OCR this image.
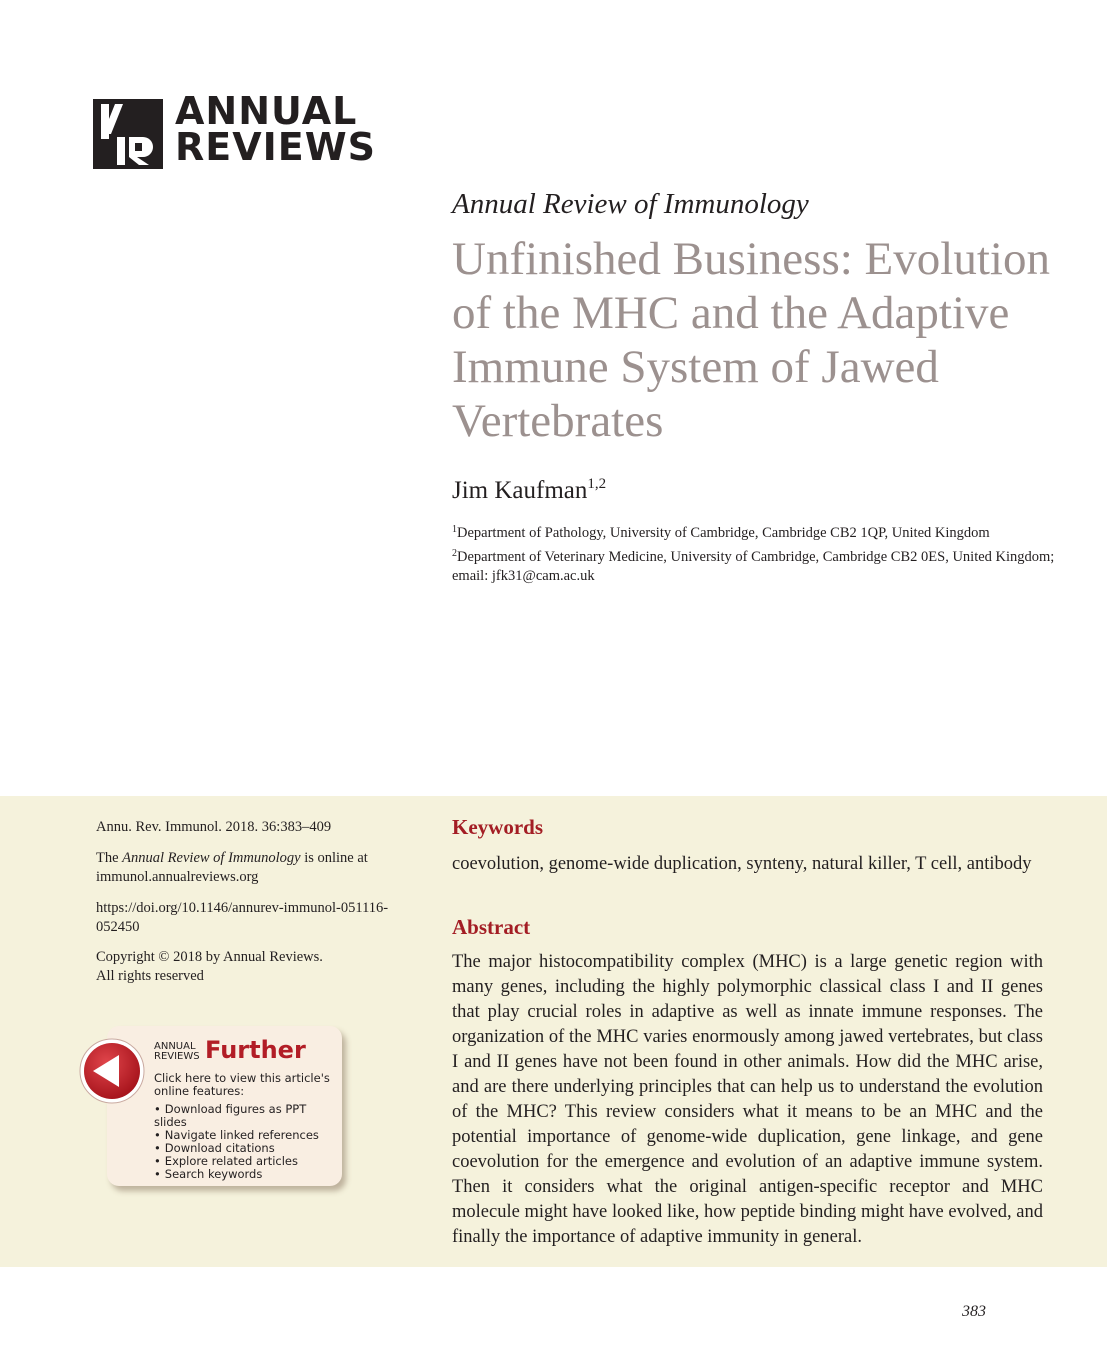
ANNUAL
REVIEWS
Annual Review of Immunology
Unfinished Business: Evolution
of the MHC and the Adaptive
Immune System of Jawed
Vertebrates
Jim Kaufman$^{1,2}$
$^1$Department of Pathology, University of Cambridge, Cambridge CB2 1QP, United Kingdom
$^2$Department of Veterinary Medicine, University of Cambridge, Cambridge CB2 0ES, United Kingdom; email: jfk31@cam.ac.uk
Annu. Rev. Immunol. 2018. 36:383–409
The Annual Review of Immunology is online at immunol.annualreviews.org
https://doi.org/10.1146/annurev-immunol-051116-052450
Copyright © 2018 by Annual Reviews.
All rights reserved
ANNUAL REVIEWS Further
Click here to view this article's online features:
• Download figures as PPT slides
• Navigate linked references
• Download citations
• Explore related articles
• Search keywords
Keywords
coevolution, genome-wide duplication, synteny, natural killer, T cell, antibody
Abstract
The major histocompatibility complex (MHC) is a large genetic region with many genes, including the highly polymorphic classical class I and II genes that play crucial roles in adaptive as well as innate immune responses. The organization of the MHC varies enormously among jawed vertebrates, but class I and II genes have not been found in other animals. How did the MHC arise, and are there underlying principles that can help us to understand the evolution of the MHC? This review considers what it means to be an MHC and the potential importance of genome-wide duplication, gene linkage, and gene coevolution for the emergence and evolution of an adaptive immune system. Then it considers what the original antigen-specific receptor and MHC molecule might have looked like, how peptide binding might have evolved, and finally the importance of adaptive immunity in general.
383
